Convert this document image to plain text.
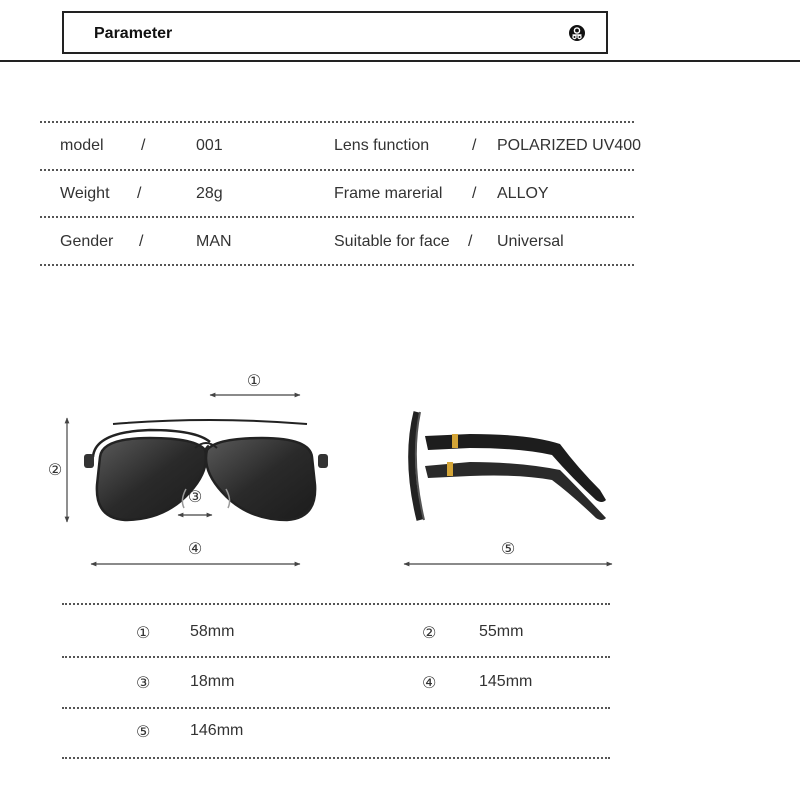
Parameter
model /	001	Lens function	/ POLARIZED UV400
Weight /	28g	Frame marerial / ALLOY
Gender /	MAN	Suitable for face / Universal
①
②
③
④	⑤
① 58mm	②	55mm
③ 18mm	④	145mm
⑤ 146mm
